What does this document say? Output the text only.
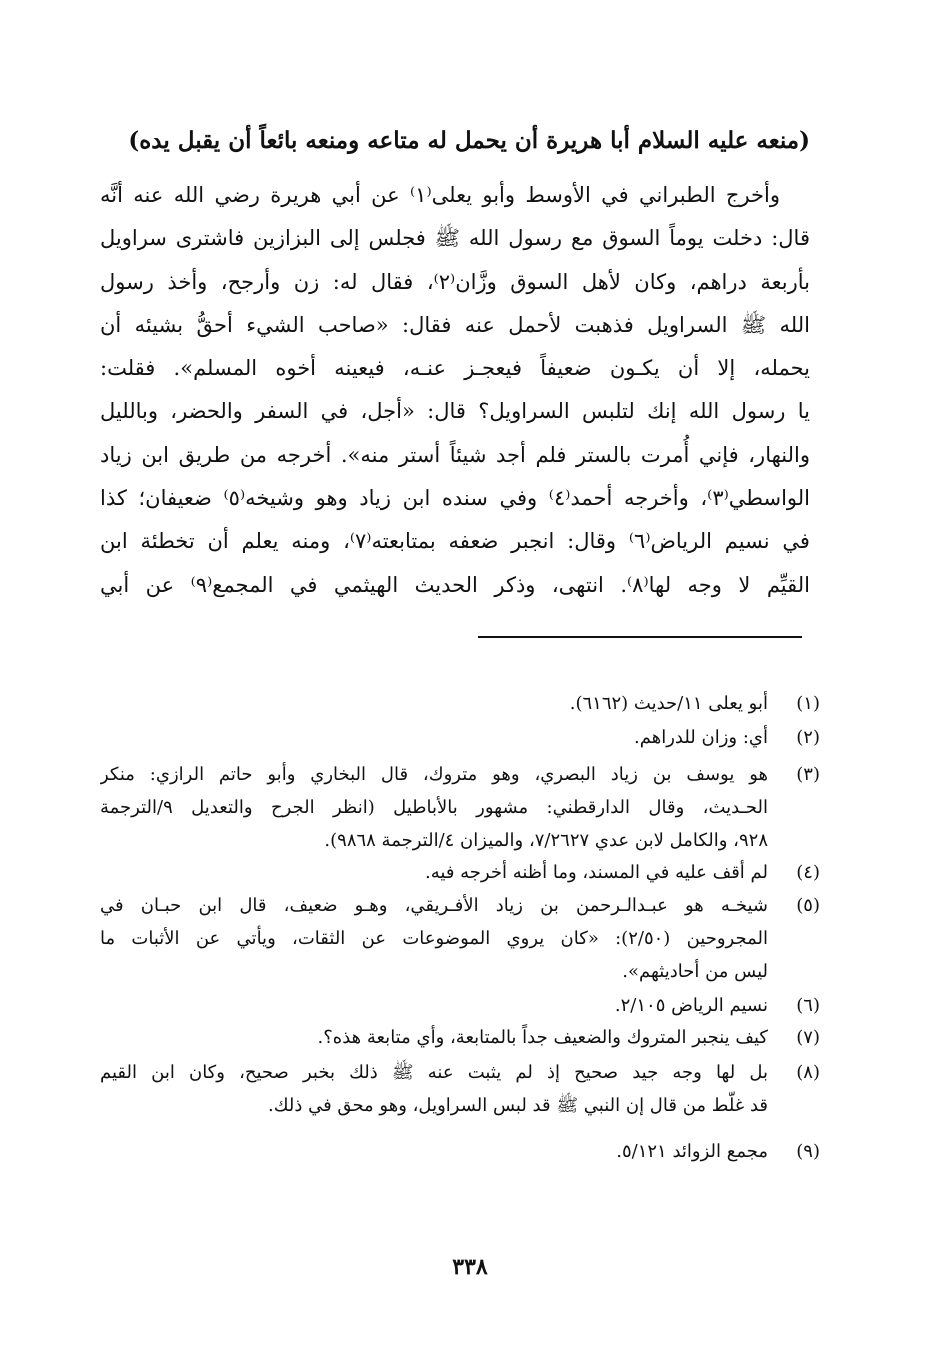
(منعه عليه السلام أبا هريرة أن يحمل له متاعه ومنعه بائعاً أن يقبل يده)
وأخرج الطبراني في الأوسط وأبو يعلى⁽١⁾ عن أبي هريرة رضي الله عنه أنَّه
قال: دخلت يوماً السوق مع رسول الله ﷺ فجلس إلى البزازين فاشترى سراويل
بأربعة دراهم، وكان لأهل السوق وزَّان⁽٢⁾، فقال له: زن وأرجح، وأخذ رسول
الله ﷺ السراويل فذهبت لأحمل عنه فقال: «صاحب الشيء أحقُّ بشيئه أن
يحمله، إلا أن يكـون ضعيفاً فيعجـز عنـه، فيعينه أخوه المسلم». فقلت:
يا رسول الله إنك لتلبس السراويل؟ قال: «أجل، في السفر والحضر، وبالليل
والنهار، فإني أُمرت بالستر فلم أجد شيئاً أستر منه». أخرجه من طريق ابن زياد
الواسطي⁽٣⁾، وأخرجه أحمد⁽٤⁾ وفي سنده ابن زياد وهو وشيخه⁽٥⁾ ضعيفان؛ كذا
في نسيم الرياض⁽٦⁾ وقال: انجبر ضعفه بمتابعته⁽٧⁾، ومنه يعلم أن تخطئة ابن
القيِّم لا وجه لها⁽٨⁾. انتهى، وذكر الحديث الهيثمي في المجمع⁽٩⁾ عن أبي
(١)
أبو يعلى ١١/حديث (٦١٦٢).
(٢)
أي: وزان للدراهم.
(٣)
هو يوسف بن زياد البصري، وهو متروك، قال البخاري وأبو حاتم الرازي: منكر
الحـديث، وقال الدارقطني: مشهور بالأباطيل (انظر الجرح والتعديل ٩/الترجمة
٩٢٨، والكامل لابن عدي ٧/٢٦٢٧، والميزان ٤/الترجمة ٩٨٦٨).
(٤)
لم أقف عليه في المسند، وما أظنه أخرجه فيه.
(٥)
شيخـه هو عبـدالـرحمن بن زياد الأفـريقي، وهـو ضعيف، قال ابن حبـان في
المجروحين (٢/٥٠): «كان يروي الموضوعات عن الثقات، ويأتي عن الأثبات ما
ليس من أحاديثهم».
(٦)
نسيم الرياض ٢/١٠٥.
(٧)
كيف ينجبر المتروك والضعيف جداً بالمتابعة، وأي متابعة هذه؟.
(٨)
بل لها وجه جيد صحيح إذ لم يثبت عنه ﷺ ذلك بخبر صحيح، وكان ابن القيم
قد غلّط من قال إن النبي ﷺ قد لبس السراويل، وهو محق في ذلك.
(٩)
مجمع الزوائد ٥/١٢١.
٣٣٨
